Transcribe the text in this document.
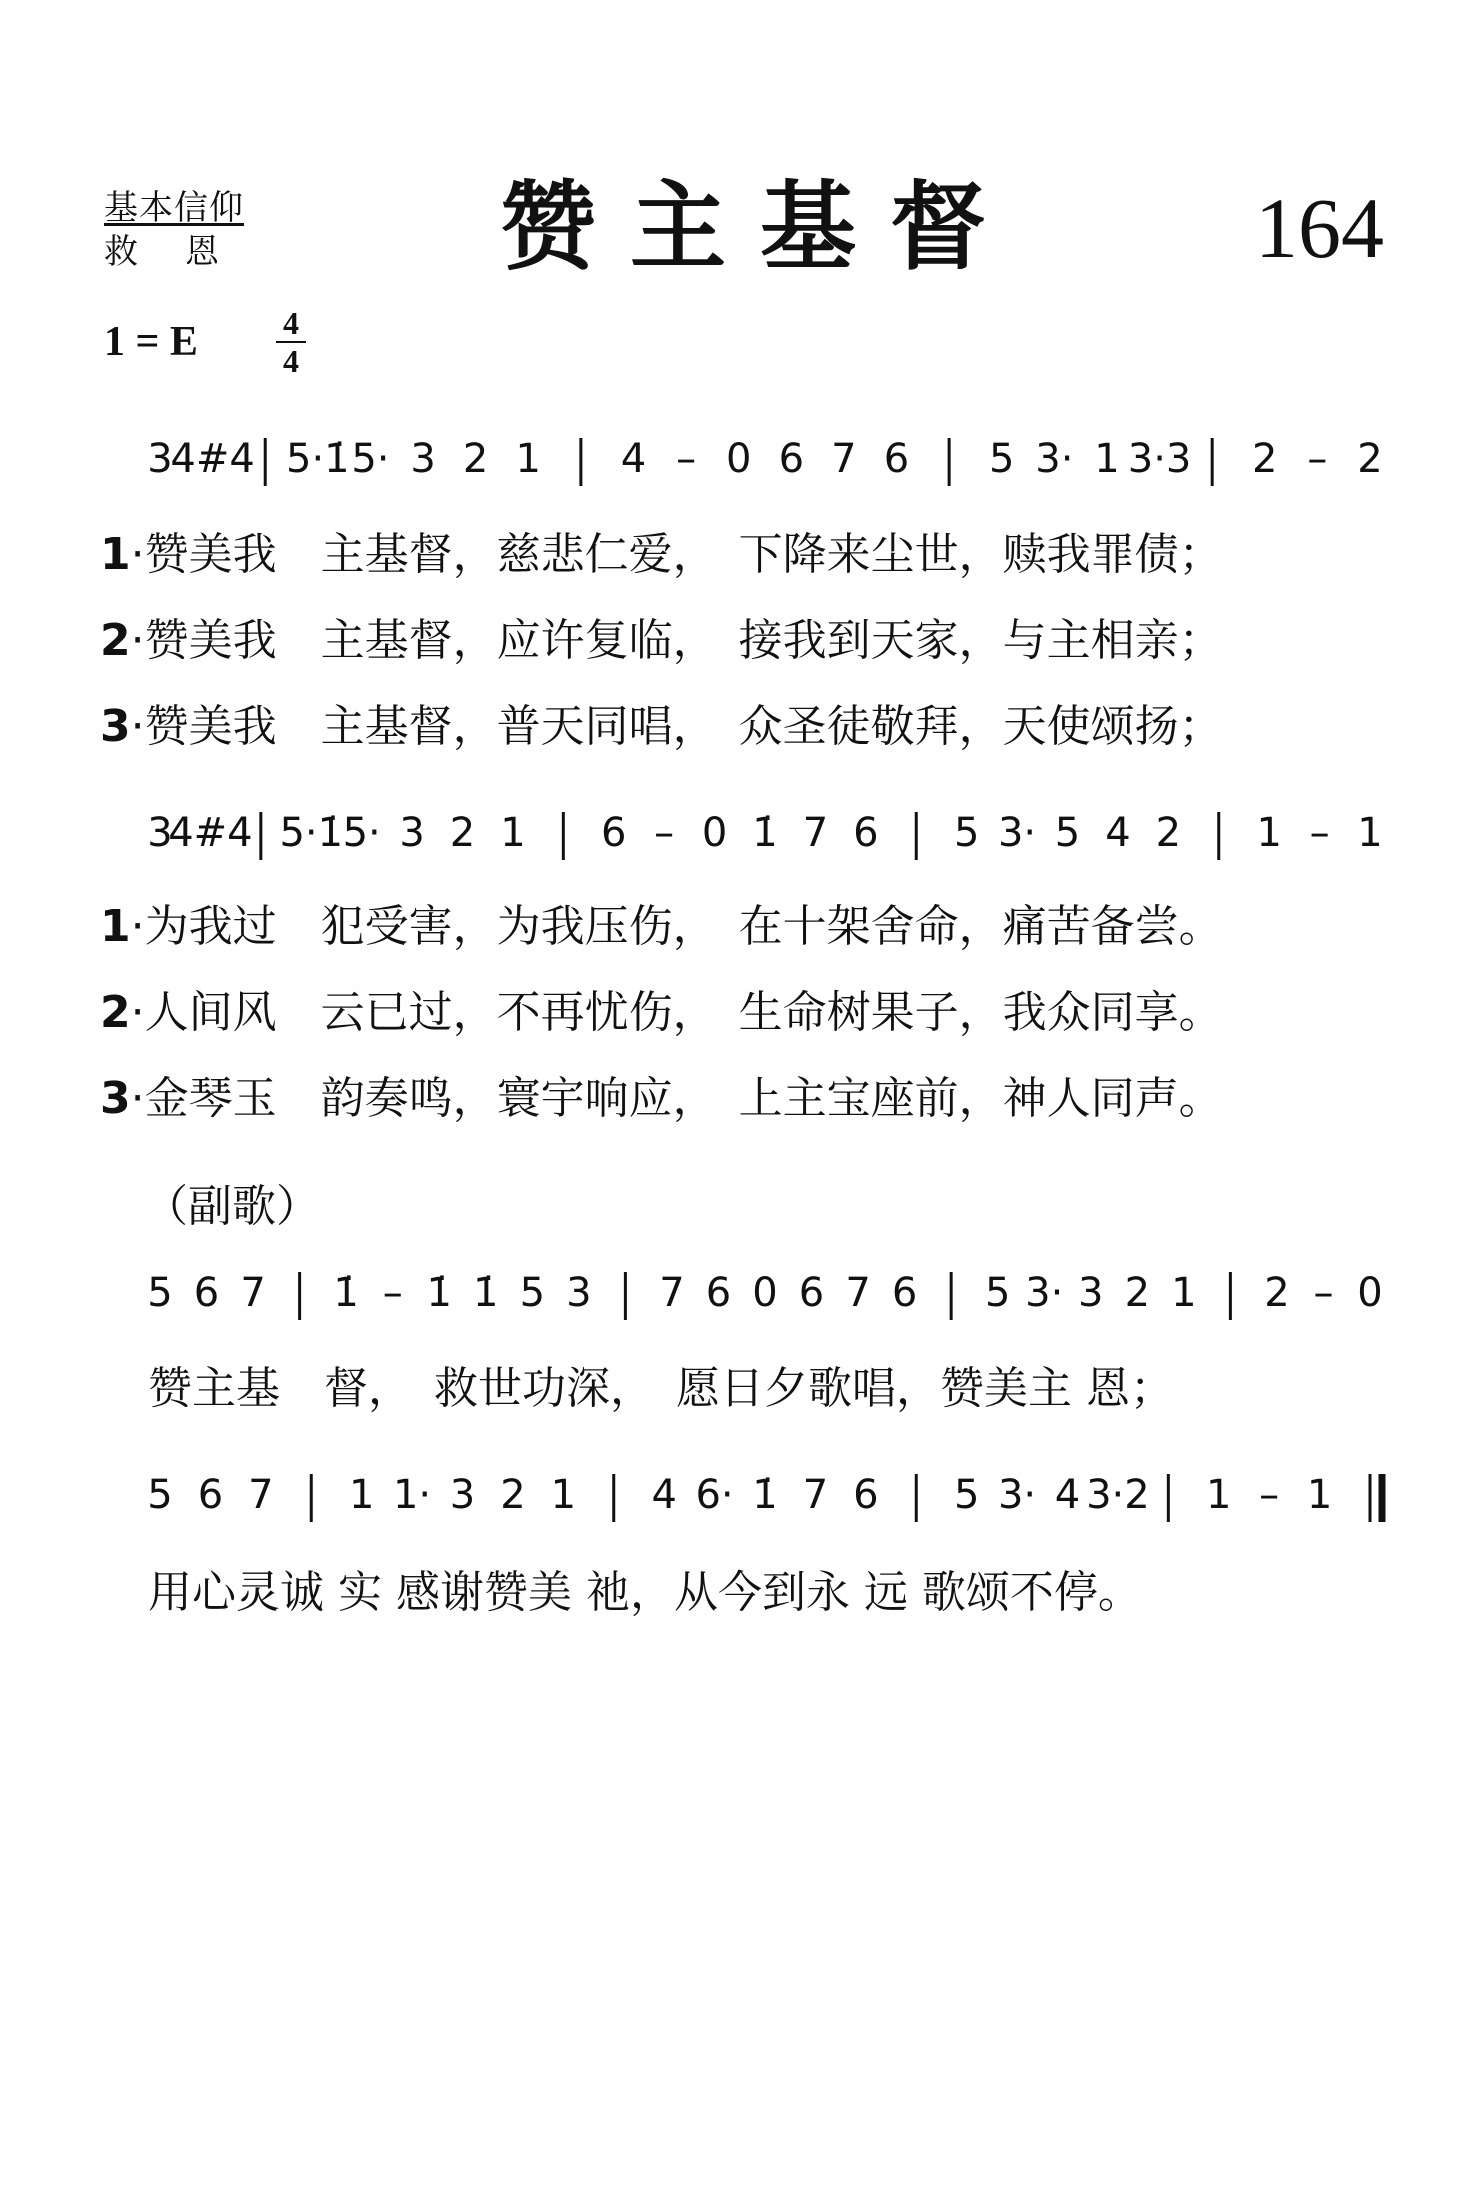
基本信仰
救恩 赞主基督	164
1 = E	4
4
3
4#4 5·1̇ 5· 3 2 1 4 – 0 6 7 6 5 3· 1 3·3 2 – 2
3
4#4 5·1̇ 5· 3 2 1 6 – 0 1̇ 7 6 5 3· 5 4 2 1 – 1
5 6 7 1̇ – 1̇ 1̇ 5 3 7 6 0 6 7 6 5 3· 3 2 1 2 – 0
5 6 7 1 1· 3 2 1 4 6· 1̇ 7 6 5 3· 4 3·2 1 – 1
1·赞美我　主基督，慈悲仁爱，　下降来尘世，赎我罪债；
2·赞美我　主基督，应许复临，　接我到天家，与主相亲；
3·赞美我　主基督，普天同唱，　众圣徒敬拜，天使颂扬；
1·为我过　犯受害，为我压伤，　在十架舍命，痛苦备尝。
2·人间风　云已过，不再忧伤，　生命树果子，我众同享。
3·金琴玉　韵奏鸣，寰宇响应，　上主宝座前，神人同声。
（副歌）
赞主基　督，　救世功深，　愿日夕歌唱，赞美主 恩；
用心灵诚 实 感谢赞美 祂，从今到永 远 歌颂不停。
